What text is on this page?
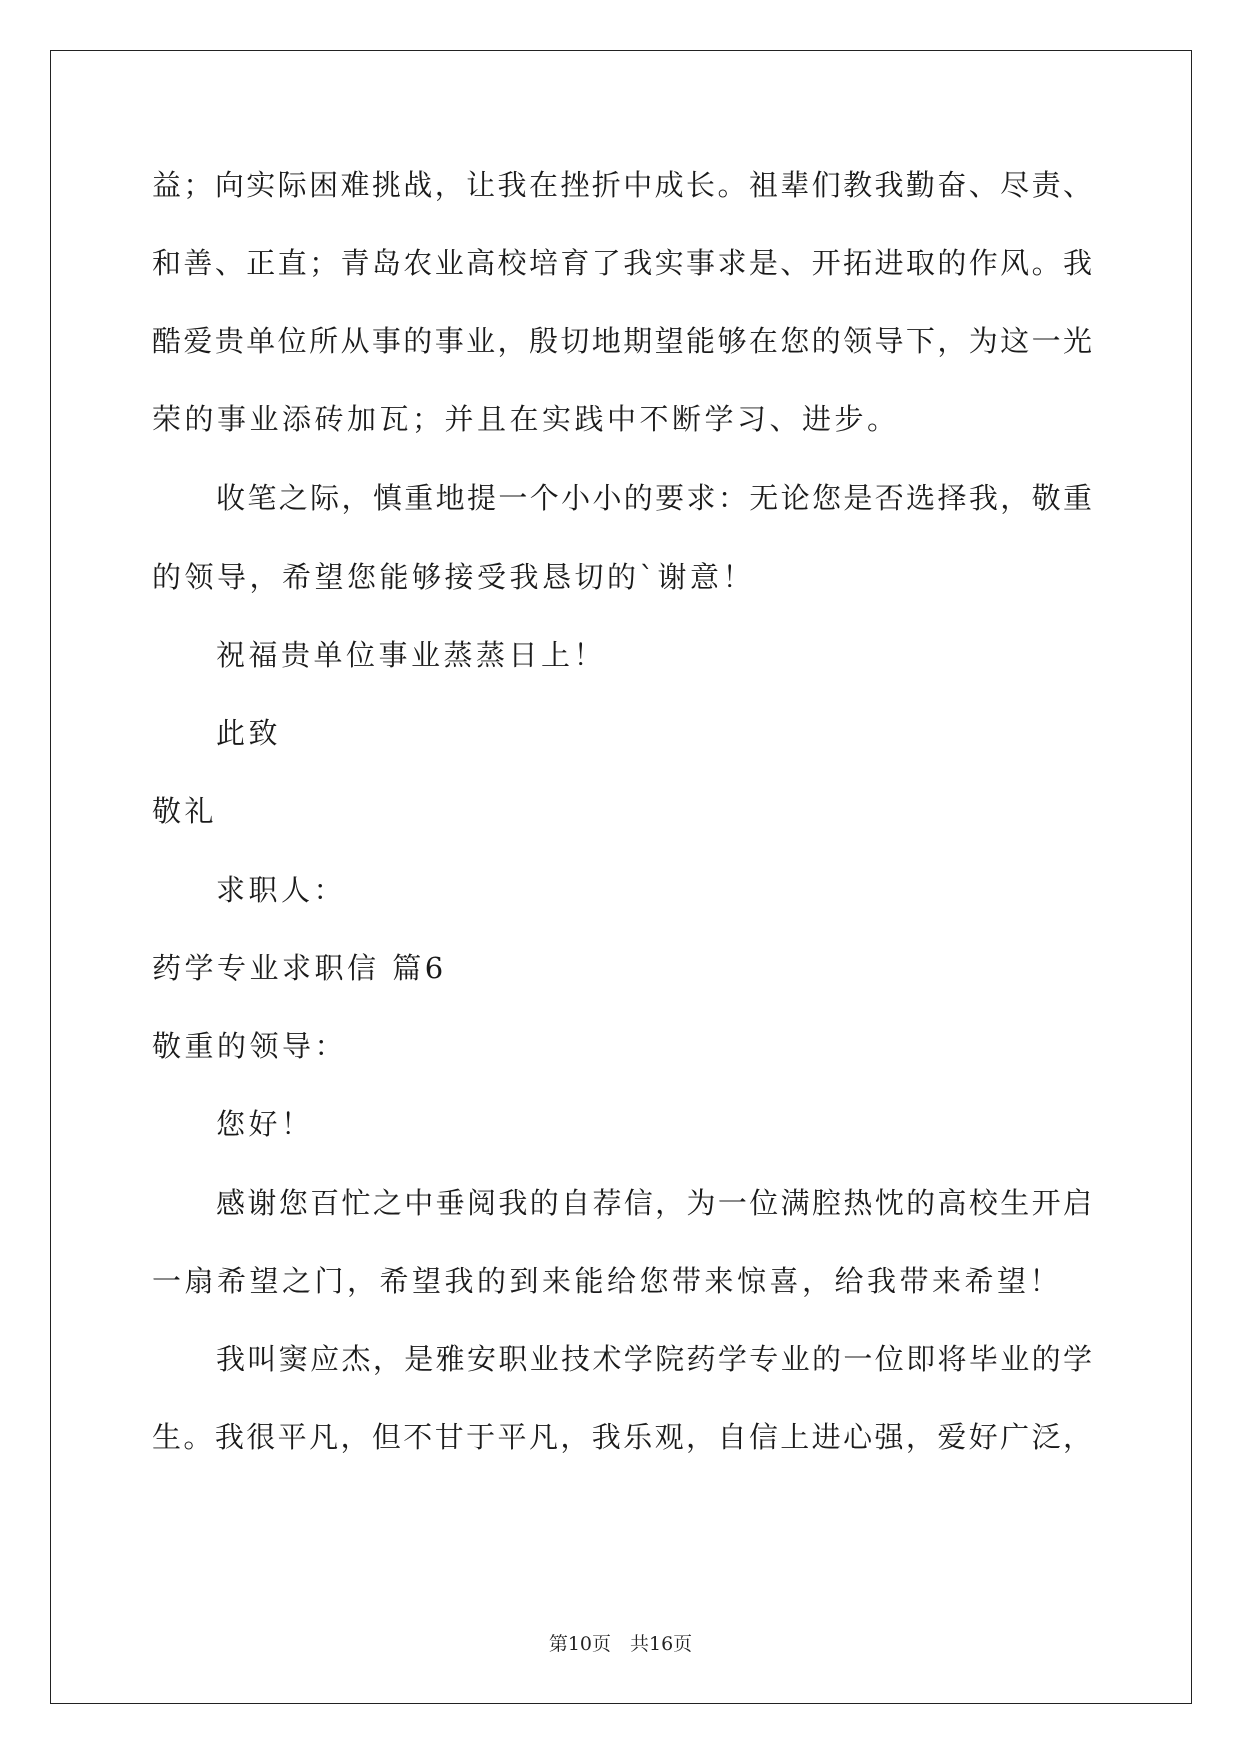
益；向实际困难挑战，让我在挫折中成长。祖辈们教我勤奋、尽责、
和善、正直；青岛农业高校培育了我实事求是、开拓进取的作风。我
酷爱贵单位所从事的事业，殷切地期望能够在您的领导下，为这一光
荣的事业添砖加瓦；并且在实践中不断学习、进步。
收笔之际，慎重地提一个小小的要求：无论您是否选择我，敬重
的领导，希望您能够接受我恳切的`谢意！
祝福贵单位事业蒸蒸日上！
此致
敬礼
求职人：
药学专业求职信 篇6
敬重的领导：
您好！
感谢您百忙之中垂阅我的自荐信，为一位满腔热忱的高校生开启
一扇希望之门，希望我的到来能给您带来惊喜，给我带来希望！
我叫窦应杰，是雅安职业技术学院药学专业的一位即将毕业的学
生。我很平凡，但不甘于平凡，我乐观，自信上进心强，爱好广泛，
第10页　共16页
